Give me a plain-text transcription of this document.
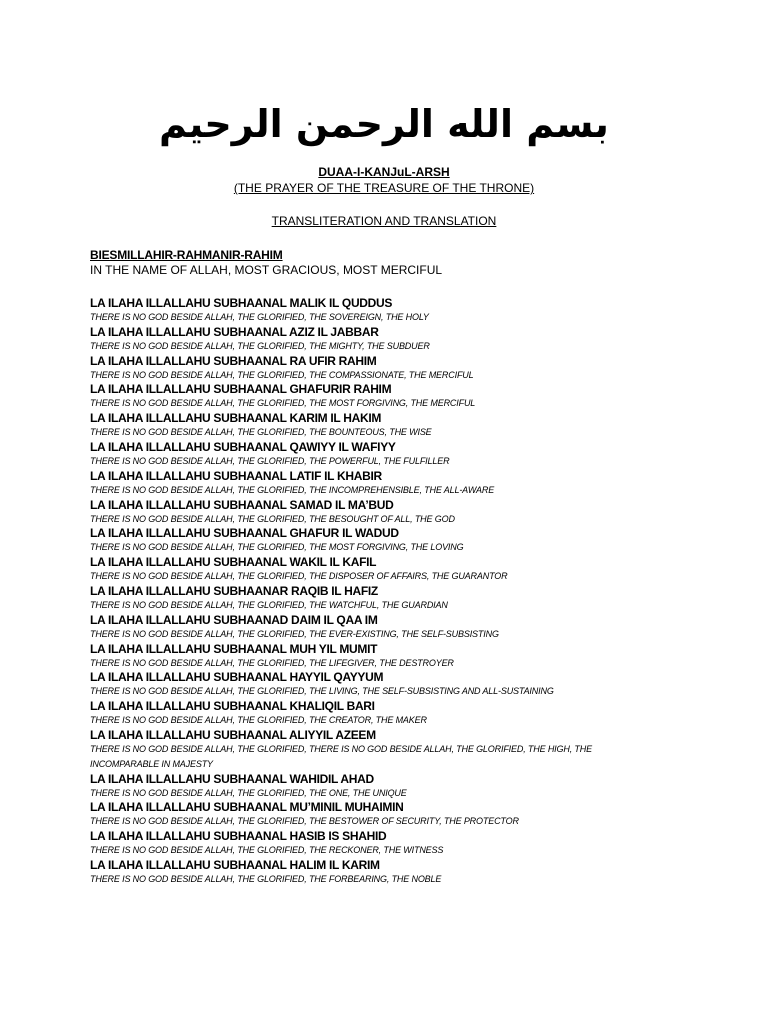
بسم الله الرحمن الرحيم
DUAA-I-KANJuL-ARSH
(THE PRAYER OF THE TREASURE OF THE THRONE)
TRANSLITERATION AND TRANSLATION
BIESMILLAHIR-RAHMANIR-RAHIM
IN THE NAME OF ALLAH, MOST GRACIOUS, MOST MERCIFUL
LA ILAHA ILLALLAHU SUBHAANAL MALIK IL QUDDUS
THERE IS NO GOD BESIDE ALLAH, THE GLORIFIED, THE SOVEREIGN, THE HOLY
LA ILAHA ILLALLAHU SUBHAANAL AZIZ IL JABBAR
THERE IS NO GOD BESIDE ALLAH, THE GLORIFIED, THE MIGHTY, THE SUBDUER
LA ILAHA ILLALLAHU SUBHAANAL RA UFIR RAHIM
THERE IS NO GOD BESIDE ALLAH, THE GLORIFIED, THE COMPASSIONATE, THE MERCIFUL
LA ILAHA ILLALLAHU SUBHAANAL GHAFURIR RAHIM
THERE IS NO GOD BESIDE ALLAH, THE GLORIFIED, THE MOST FORGIVING, THE MERCIFUL
LA ILAHA ILLALLAHU SUBHAANAL KARIM IL HAKIM
THERE IS NO GOD BESIDE ALLAH, THE GLORIFIED, THE BOUNTEOUS, THE WISE
LA ILAHA ILLALLAHU SUBHAANAL QAWIYY IL WAFIYY
THERE IS NO GOD BESIDE ALLAH, THE GLORIFIED, THE POWERFUL, THE FULFILLER
LA ILAHA ILLALLAHU SUBHAANAL LATIF IL KHABIR
THERE IS NO GOD BESIDE ALLAH, THE GLORIFIED, THE INCOMPREHENSIBLE, THE ALL-AWARE
LA ILAHA ILLALLAHU SUBHAANAL SAMAD IL MA’BUD
THERE IS NO GOD BESIDE ALLAH, THE GLORIFIED, THE BESOUGHT OF ALL, THE GOD
LA ILAHA ILLALLAHU SUBHAANAL GHAFUR IL WADUD
THERE IS NO GOD BESIDE ALLAH, THE GLORIFIED, THE MOST FORGIVING, THE LOVING
LA ILAHA ILLALLAHU SUBHAANAL WAKIL IL KAFIL
THERE IS NO GOD BESIDE ALLAH, THE GLORIFIED, THE DISPOSER OF AFFAIRS, THE GUARANTOR
LA ILAHA ILLALLAHU SUBHAANAR RAQIB IL HAFIZ
THERE IS NO GOD BESIDE ALLAH, THE GLORIFIED, THE WATCHFUL, THE GUARDIAN
LA ILAHA ILLALLAHU SUBHAANAD DAIM IL QAA IM
THERE IS NO GOD BESIDE ALLAH, THE GLORIFIED, THE EVER-EXISTING, THE SELF-SUBSISTING
LA ILAHA ILLALLAHU SUBHAANAL MUH YIL MUMIT
THERE IS NO GOD BESIDE ALLAH, THE GLORIFIED, THE LIFEGIVER, THE DESTROYER
LA ILAHA ILLALLAHU SUBHAANAL HAYYIL QAYYUM
THERE IS NO GOD BESIDE ALLAH, THE GLORIFIED, THE LIVING, THE SELF-SUBSISTING AND ALL-SUSTAINING
LA ILAHA ILLALLAHU SUBHAANAL KHALIQIL BARI
THERE IS NO GOD BESIDE ALLAH, THE GLORIFIED, THE CREATOR, THE MAKER
LA ILAHA ILLALLAHU SUBHAANAL ALIYYIL AZEEM
THERE IS NO GOD BESIDE ALLAH, THE GLORIFIED, THERE IS NO GOD BESIDE ALLAH, THE GLORIFIED, THE HIGH, THE INCOMPARABLE IN MAJESTY
LA ILAHA ILLALLAHU SUBHAANAL WAHIDIL AHAD
THERE IS NO GOD BESIDE ALLAH, THE GLORIFIED, THE ONE, THE UNIQUE
LA ILAHA ILLALLAHU SUBHAANAL MU’MINIL MUHAIMIN
THERE IS NO GOD BESIDE ALLAH, THE GLORIFIED, THE BESTOWER OF SECURITY, THE PROTECTOR
LA ILAHA ILLALLAHU SUBHAANAL HASIB IS SHAHID
THERE IS NO GOD BESIDE ALLAH, THE GLORIFIED, THE RECKONER, THE WITNESS
LA ILAHA ILLALLAHU SUBHAANAL HALIM IL KARIM
THERE IS NO GOD BESIDE ALLAH, THE GLORIFIED, THE FORBEARING, THE NOBLE
